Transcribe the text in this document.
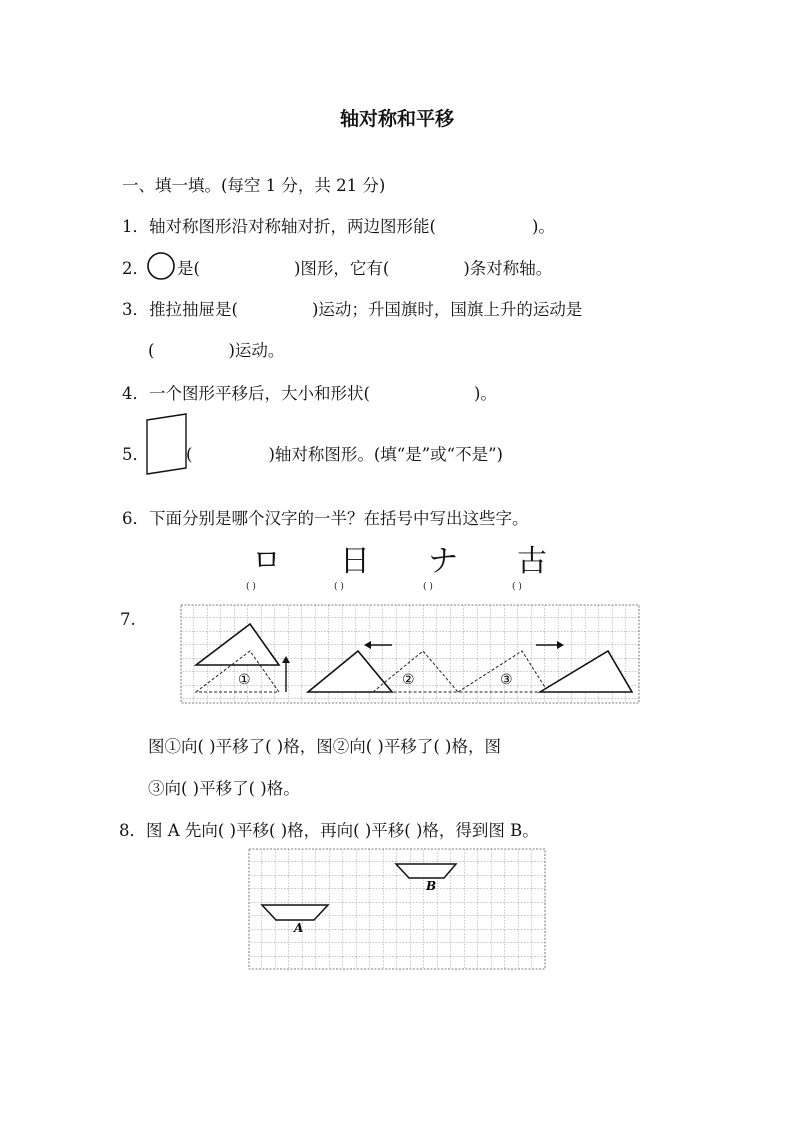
轴对称和平移
一、填一填。(每空 1 分，共 21 分)
1．轴对称图形沿对称轴对折，两边图形能(	)。
2． 是(	)图形，它有(	)条对称轴。
3．推拉抽屉是(	)运动；升国旗时，国旗上升的运动是
(	)运动。
4．一个图形平移后，大小和形状(	)。
5． (	)轴对称图形。(填“是”或“不是”)
6．下面分别是哪个汉字的一半？在括号中写出这些字。
ㅁ 日 ナ 古
( )	( )	( )	( )
7.
①	②	③
图①向( )平移了( )格，图②向( )平移了( )格，图
③向( )平移了( )格。
8．图 A 先向( )平移( )格，再向( )平移( )格，得到图 B。
B
A
